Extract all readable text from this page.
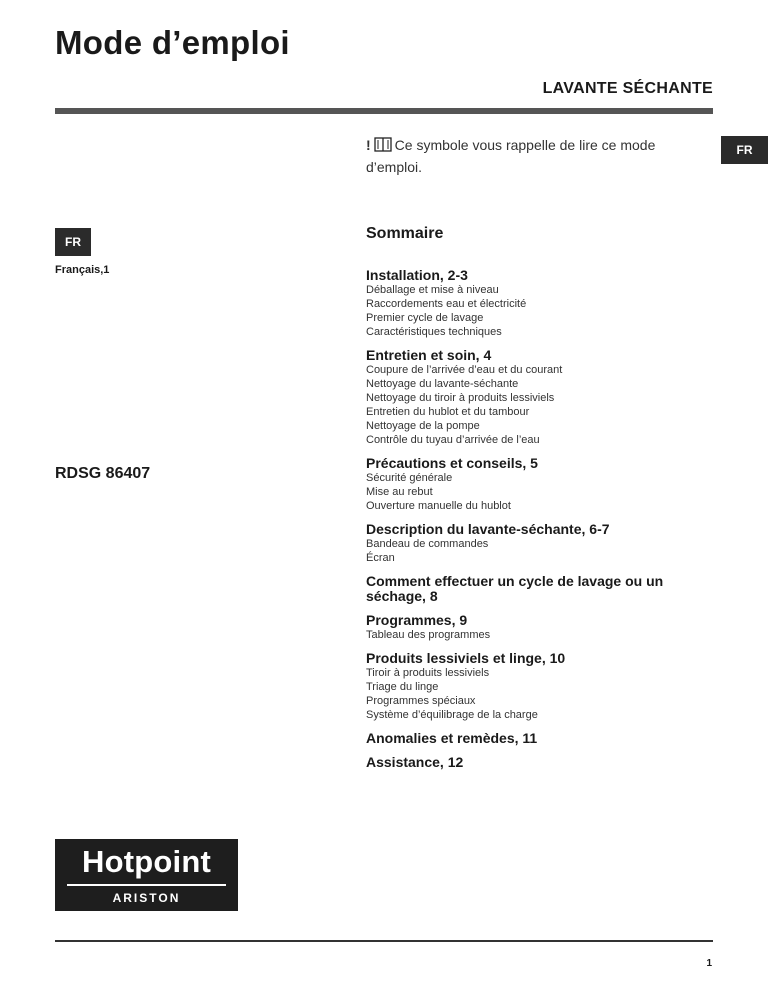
Mode d’emploi
LAVANTE SÉCHANTE
! Ce symbole vous rappelle de lire ce mode d’emploi.
FR
FR
Français,1
RDSG 86407
Sommaire
Installation, 2-3
Déballage et mise à niveau
Raccordements eau et électricité
Premier cycle de lavage
Caractéristiques techniques
Entretien et soin, 4
Coupure de l’arrivée d’eau et du courant
Nettoyage du lavante-séchante
Nettoyage du tiroir à produits lessiviels
Entretien du hublot et du tambour
Nettoyage de la pompe
Contrôle du tuyau d’arrivée de l’eau
Précautions et conseils, 5
Sécurité générale
Mise au rebut
Ouverture manuelle du hublot
Description du lavante-séchante, 6-7
Bandeau de commandes
Écran
Comment effectuer un cycle de lavage ou un séchage, 8
Programmes, 9
Tableau des programmes
Produits lessiviels et linge, 10
Tiroir à produits lessiviels
Triage du linge
Programmes spéciaux
Système d’équilibrage de la charge
Anomalies et remèdes, 11
Assistance, 12
Hotpoint
ARISTON
1
